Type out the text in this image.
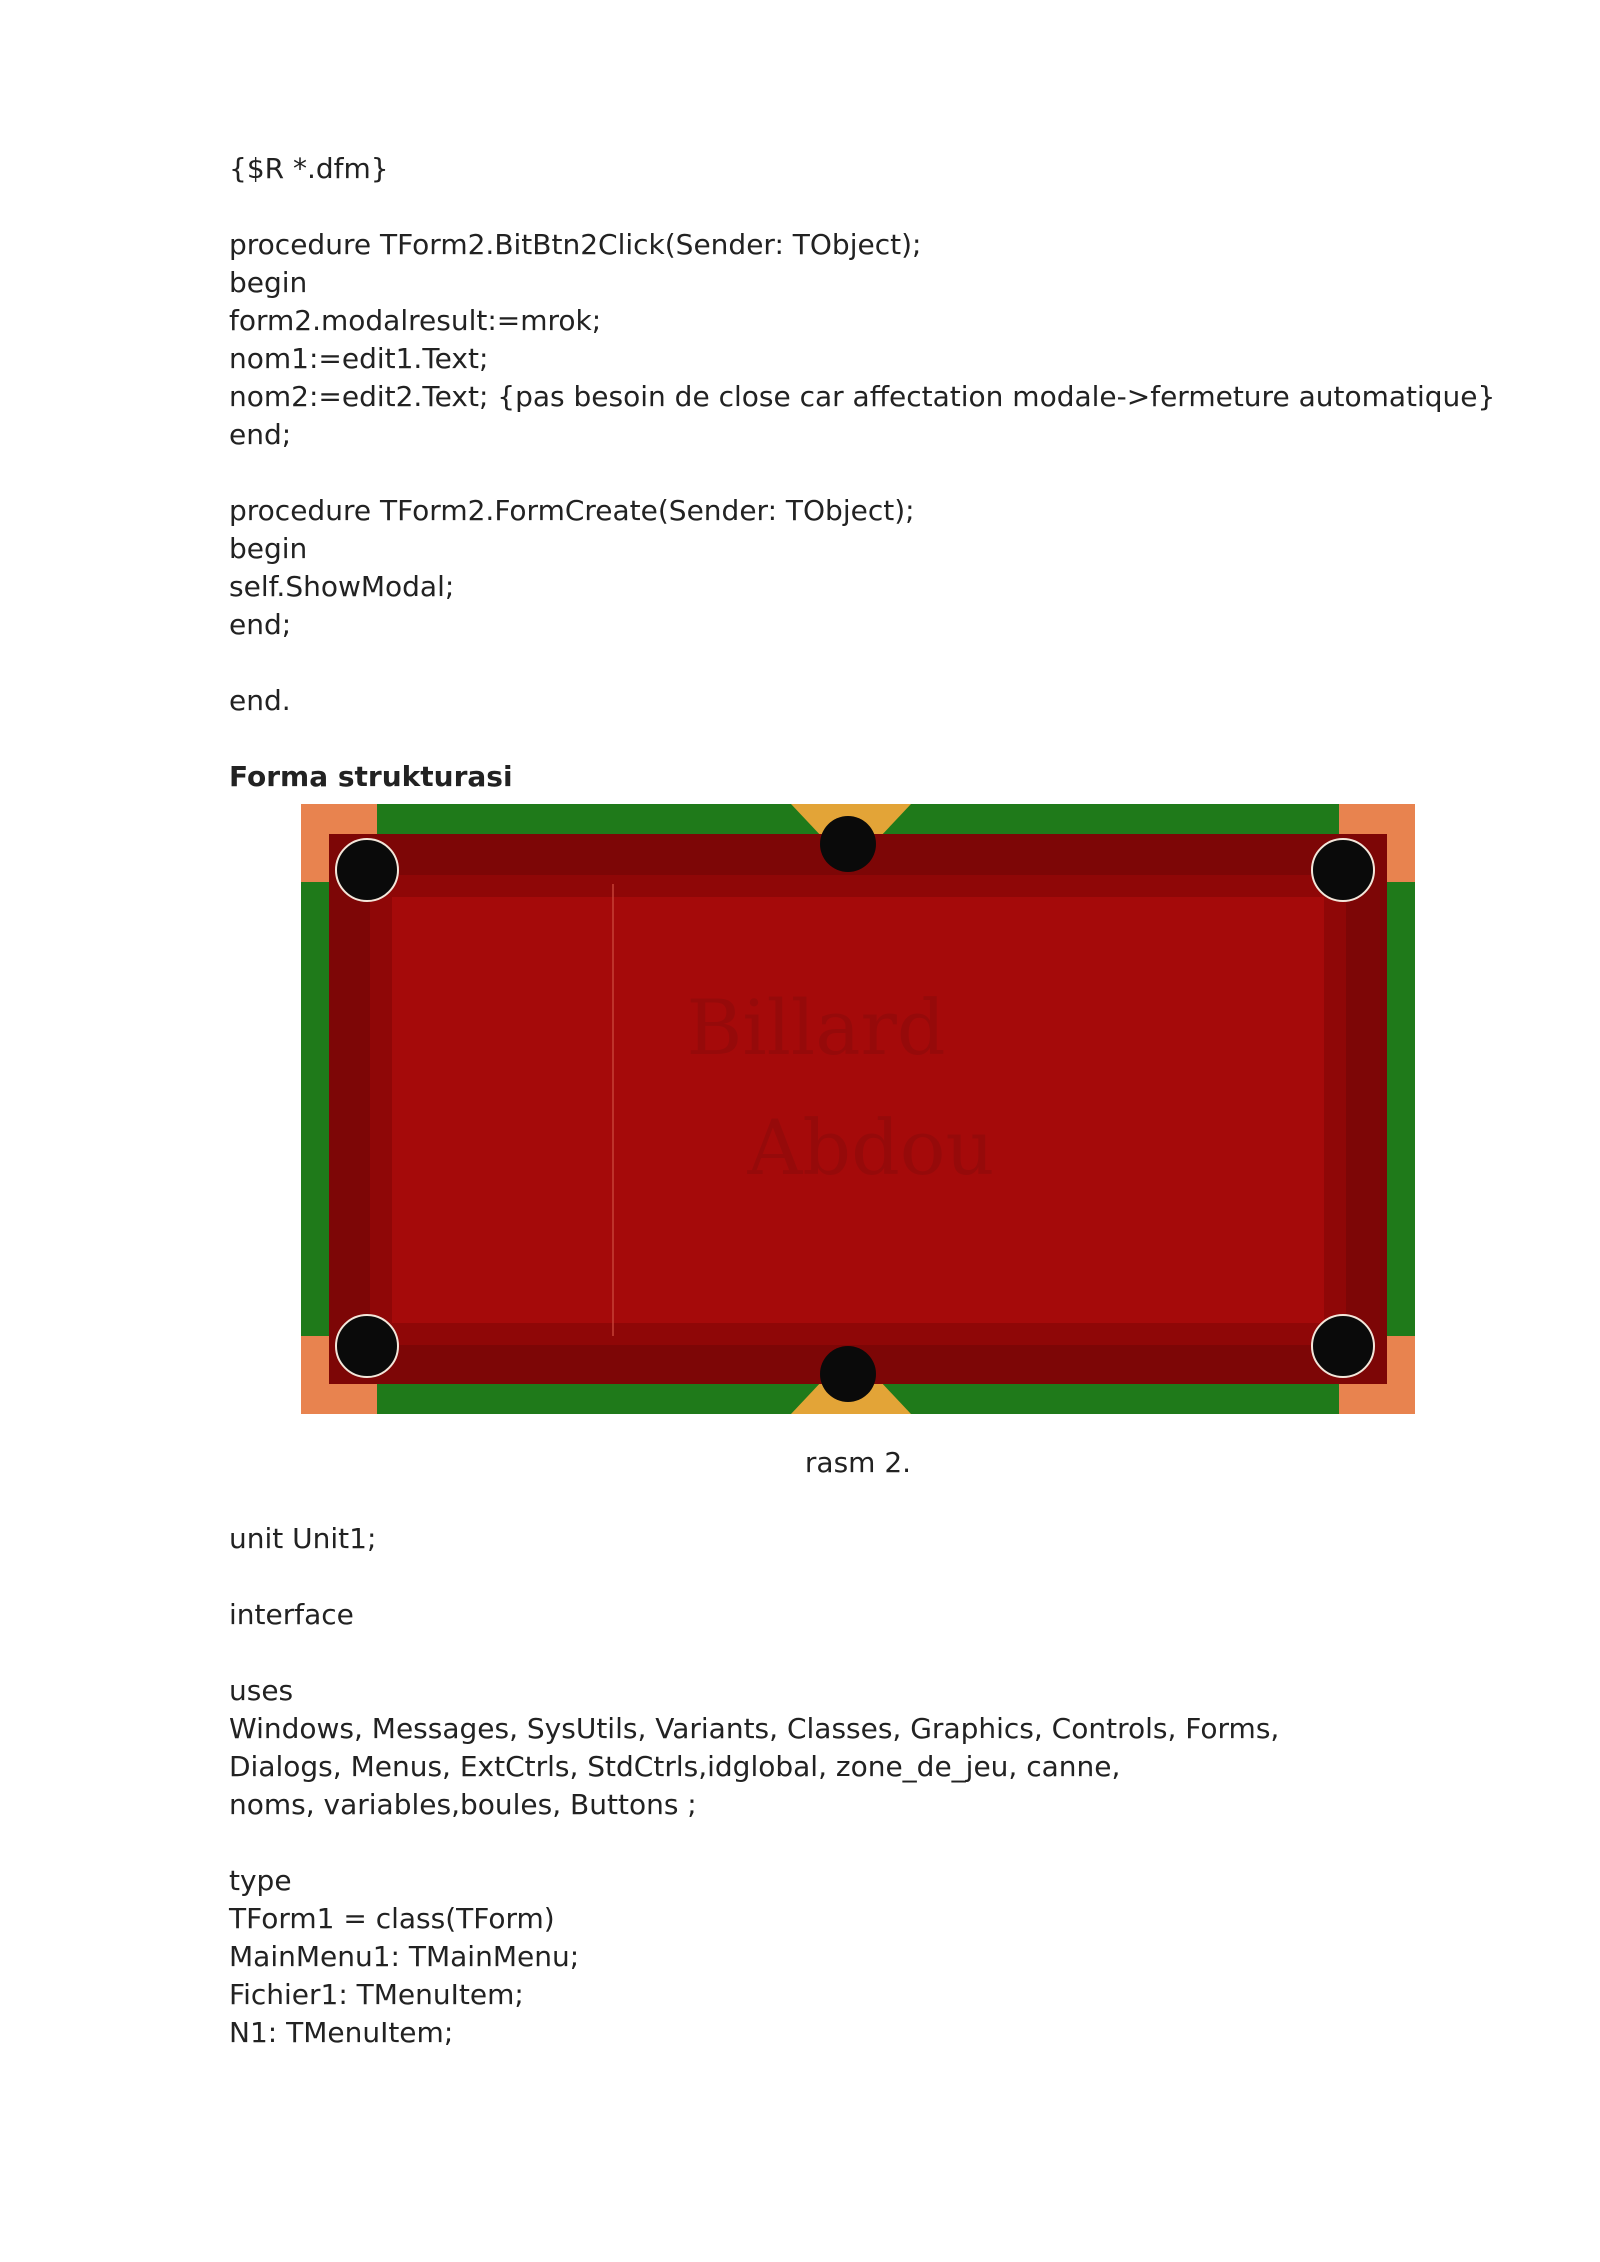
{$R *.dfm}
procedure TForm2.BitBtn2Click(Sender: TObject);
begin
form2.modalresult:=mrok;
nom1:=edit1.Text;
nom2:=edit2.Text; {pas besoin de close car affectation modale->fermeture automatique}
end;
procedure TForm2.FormCreate(Sender: TObject);
begin
self.ShowModal;
end;
end.
Forma strukturasi
Billard
Abdou
rasm 2.
unit Unit1;
interface
uses
Windows, Messages, SysUtils, Variants, Classes, Graphics, Controls, Forms,
Dialogs, Menus, ExtCtrls, StdCtrls,idglobal, zone_de_jeu, canne,
noms, variables,boules, Buttons ;
type
TForm1 = class(TForm)
MainMenu1: TMainMenu;
Fichier1: TMenuItem;
N1: TMenuItem;
